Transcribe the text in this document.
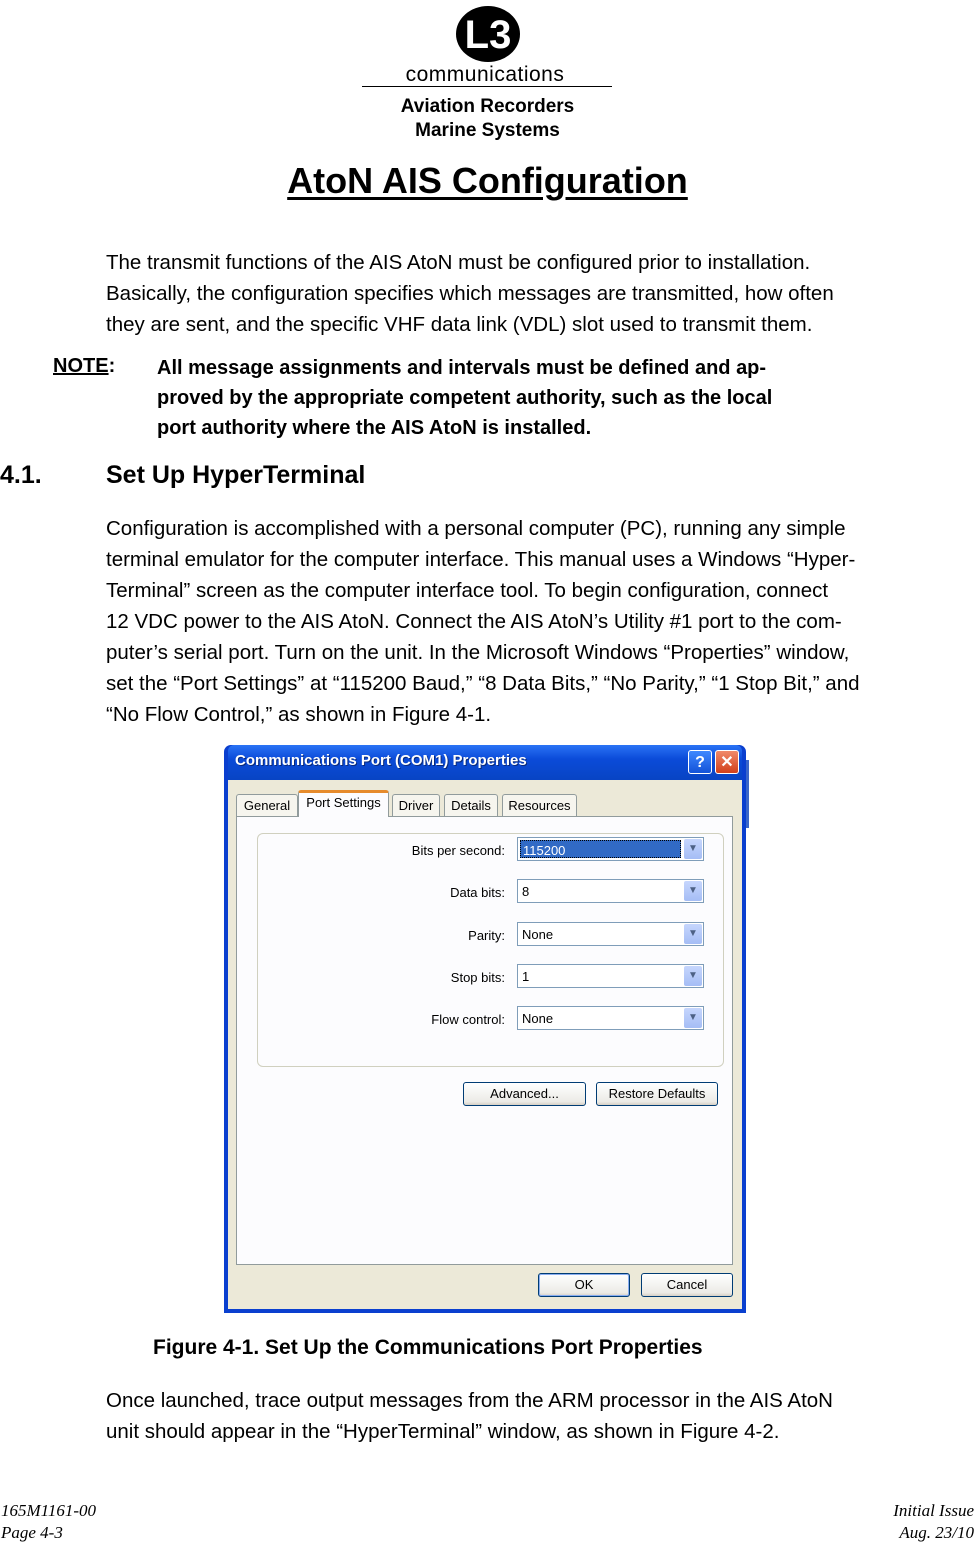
L3
communications
Aviation Recorders
Marine Systems
AtoN AIS Configuration
The transmit functions of the AIS AtoN must be configured prior to installation.
Basically, the configuration specifies which messages are transmitted, how often
they are sent, and the specific VHF data link (VDL) slot used to transmit them.
NOTE: All message assignments and intervals must be defined and ap-
proved by the appropriate competent authority, such as the local
port authority where the AIS AtoN is installed.
4.1.	Set Up HyperTerminal
Configuration is accomplished with a personal computer (PC), running any simple
terminal emulator for the computer interface. This manual uses a Windows “Hyper-
Terminal” screen as the computer interface tool. To begin configuration, connect
12 VDC power to the AIS AtoN. Connect the AIS AtoN’s Utility #1 port to the com-
puter’s serial port. Turn on the unit. In the Microsoft Windows “Properties” window,
set the “Port Settings” at “115200 Baud,” “8 Data Bits,” “No Parity,” “1 Stop Bit,” and
“No Flow Control,” as shown in Figure 4-1.
Communications Port (COM1) Properties	? ✕
General	Port Settings	Driver	Details	Resources
Bits per second: 115200	▼
Data bits: 8	▼
Parity: None	▼
Stop bits: 1	▼
Flow control: None	▼
Advanced...	Restore Defaults
OK	Cancel
Figure 4-1. Set Up the Communications Port Properties
Once launched, trace output messages from the ARM processor in the AIS AtoN
unit should appear in the “HyperTerminal” window, as shown in Figure 4-2.
165M1161-00
Page 4-3
Initial Issue
Aug. 23/10
